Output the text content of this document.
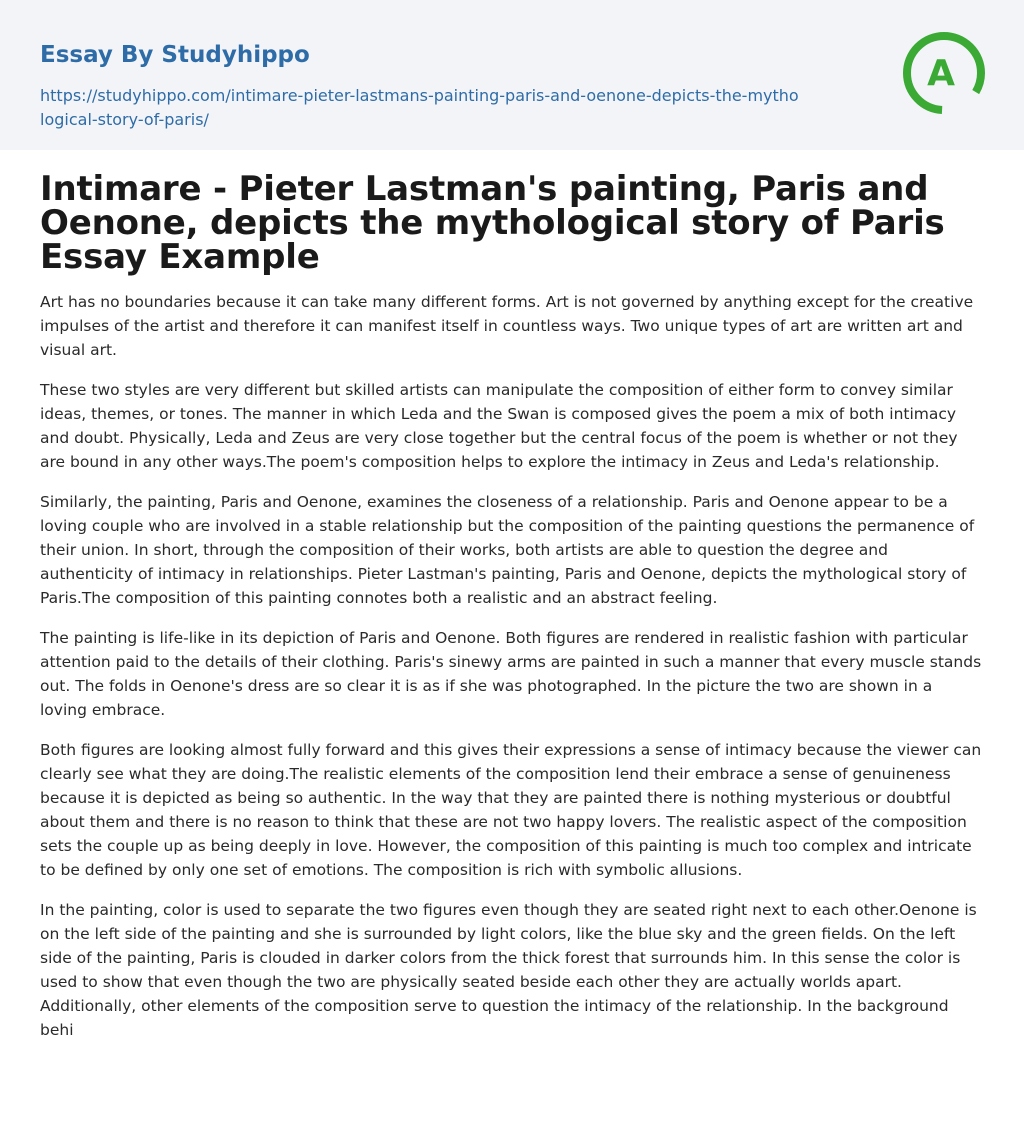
Essay By Studyhippo
https://studyhippo.com/intimare-pieter-lastmans-painting-paris-and-oenone-depicts-the-mythological-story-of-paris/
A
Intimare - Pieter Lastman's painting, Paris and Oenone, depicts the mythological story of Paris Essay Example

Art has no boundaries because it can take many different forms. Art is not governed by anything except for the creative impulses of the artist and therefore it can manifest itself in countless ways. Two unique types of art are written art and visual art.

These two styles are very different but skilled artists can manipulate the composition of either form to convey similar ideas, themes, or tones. The manner in which Leda and the Swan is composed gives the poem a mix of both intimacy and doubt. Physically, Leda and Zeus are very close together but the central focus of the poem is whether or not they are bound in any other ways.The poem's composition helps to explore the intimacy in Zeus and Leda's relationship.

Similarly, the painting, Paris and Oenone, examines the closeness of a relationship. Paris and Oenone appear to be a loving couple who are involved in a stable relationship but the composition of the painting questions the permanence of their union. In short, through the composition of their works, both artists are able to question the degree and authenticity of intimacy in relationships. Pieter Lastman's painting, Paris and Oenone, depicts the mythological story of Paris.The composition of this painting connotes both a realistic and an abstract feeling.

The painting is life-like in its depiction of Paris and Oenone. Both figures are rendered in realistic fashion with particular attention paid to the details of their clothing. Paris's sinewy arms are painted in such a manner that every muscle stands out. The folds in Oenone's dress are so clear it is as if she was photographed. In the picture the two are shown in a loving embrace.

Both figures are looking almost fully forward and this gives their expressions a sense of intimacy because the viewer can clearly see what they are doing.The realistic elements of the composition lend their embrace a sense of genuineness because it is depicted as being so authentic. In the way that they are painted there is nothing mysterious or doubtful about them and there is no reason to think that these are not two happy lovers. The realistic aspect of the composition sets the couple up as being deeply in love. However, the composition of this painting is much too complex and intricate to be defined by only one set of emotions. The composition is rich with symbolic allusions.

In the painting, color is used to separate the two figures even though they are seated right next to each other.Oenone is on the left side of the painting and she is surrounded by light colors, like the blue sky and the green fields. On the left side of the painting, Paris is clouded in darker colors from the thick forest that surrounds him. In this sense the color is used to show that even though the two are physically seated beside each other they are actually worlds apart. Additionally, other elements of the composition serve to question the intimacy of the relationship. In the background behi
